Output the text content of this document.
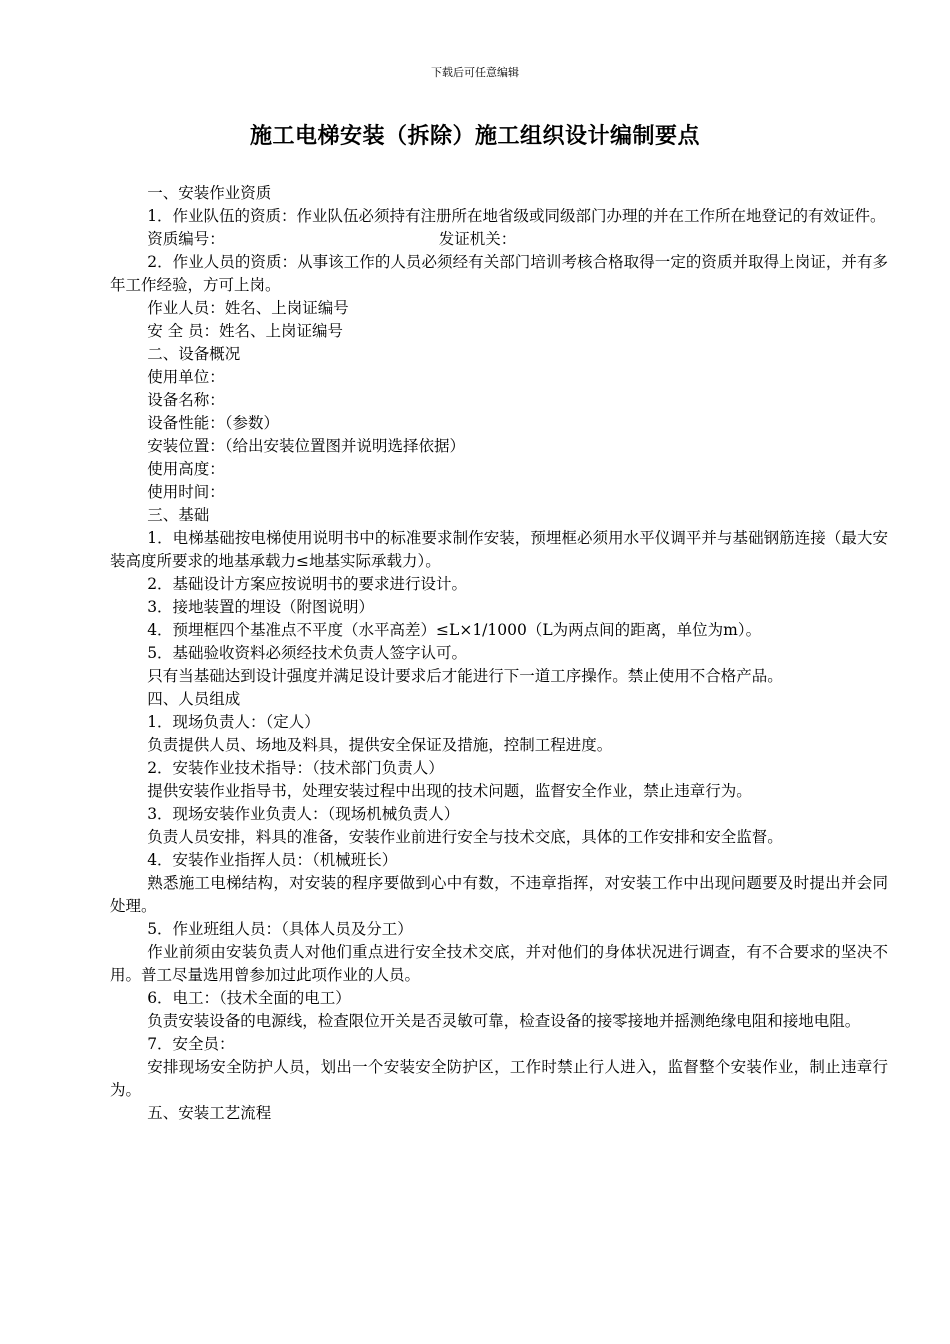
下载后可任意编辑
施工电梯安装（拆除）施工组织设计编制要点

一、安装作业资质

1．作业队伍的资质：作业队伍必须持有注册所在地省级或同级部门办理的并在工作所在地登记的有效证件。

资质编号：	发证机关：

2．作业人员的资质：从事该工作的人员必须经有关部门培训考核合格取得一定的资质并取得上岗证，并有多年工作经验，方可上岗。

作业人员：姓名、上岗证编号

安 全 员：姓名、上岗证编号

二、设备概况

使用单位：

设备名称：

设备性能：（参数）

安装位置：（给出安装位置图并说明选择依据）

使用高度：

使用时间：

三、基础

1．电梯基础按电梯使用说明书中的标准要求制作安装，预埋框必须用水平仪调平并与基础钢筋连接（最大安装高度所要求的地基承载力≤地基实际承载力）。

2．基础设计方案应按说明书的要求进行设计。

3．接地装置的埋设（附图说明）

4．预埋框四个基准点不平度（水平高差）≤L×1/1000（L为两点间的距离，单位为m）。

5．基础验收资料必须经技术负责人签字认可。

只有当基础达到设计强度并满足设计要求后才能进行下一道工序操作。禁止使用不合格产品。

四、人员组成

1．现场负责人：（定人）

负责提供人员、场地及料具，提供安全保证及措施，控制工程进度。

2．安装作业技术指导：（技术部门负责人）

提供安装作业指导书，处理安装过程中出现的技术问题，监督安全作业，禁止违章行为。

3．现场安装作业负责人：（现场机械负责人）

负责人员安排，料具的准备，安装作业前进行安全与技术交底，具体的工作安排和安全监督。

4．安装作业指挥人员：（机械班长）

熟悉施工电梯结构，对安装的程序要做到心中有数，不违章指挥，对安装工作中出现问题要及时提出并会同处理。

5．作业班组人员：（具体人员及分工）

作业前须由安装负责人对他们重点进行安全技术交底，并对他们的身体状况进行调查，有不合要求的坚决不用。普工尽量选用曾参加过此项作业的人员。

6．电工：（技术全面的电工）

负责安装设备的电源线，检查限位开关是否灵敏可靠，检查设备的接零接地并摇测绝缘电阻和接地电阻。

7．安全员：

安排现场安全防护人员，划出一个安装安全防护区，工作时禁止行人进入，监督整个安装作业，制止违章行为。

五、安装工艺流程
